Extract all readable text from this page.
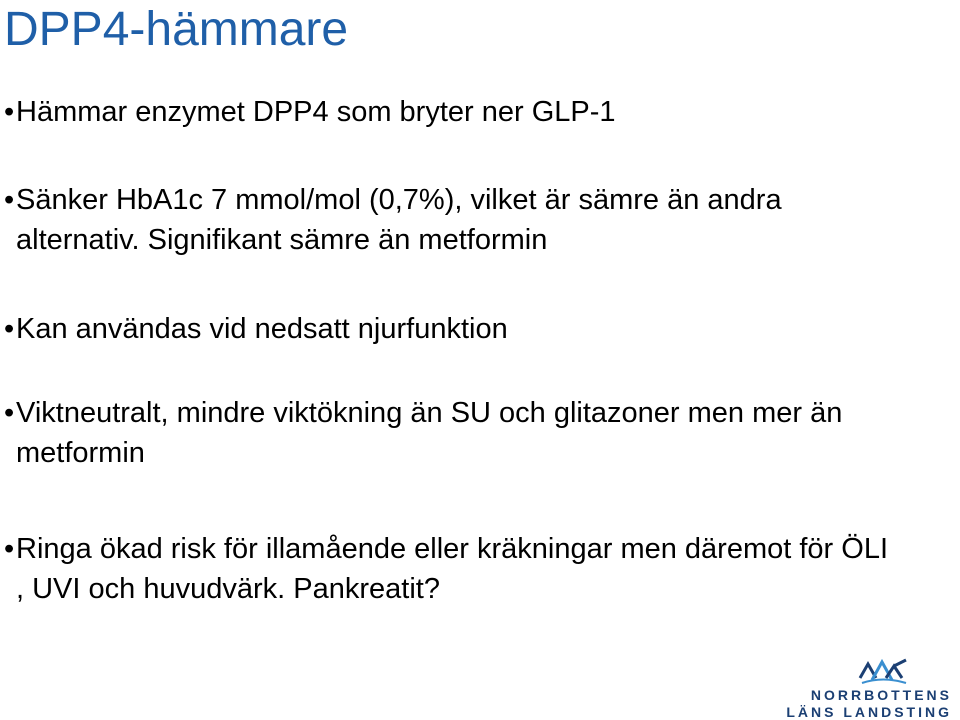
DPP4-hämmare
• Hämmar enzymet DPP4 som bryter ner GLP-1
• Sänker HbA1c 7 mmol/mol (0,7%), vilket är sämre än andra alternativ. Signifikant sämre än metformin
• Kan användas vid nedsatt njurfunktion
• Viktneutralt, mindre viktökning än SU och glitazoner men mer än metformin
• Ringa ökad risk för illamående eller kräkningar men däremot för ÖLI , UVI och huvudvärk. Pankreatit?
NORRBOTTENS
LÄNS LANDSTING
